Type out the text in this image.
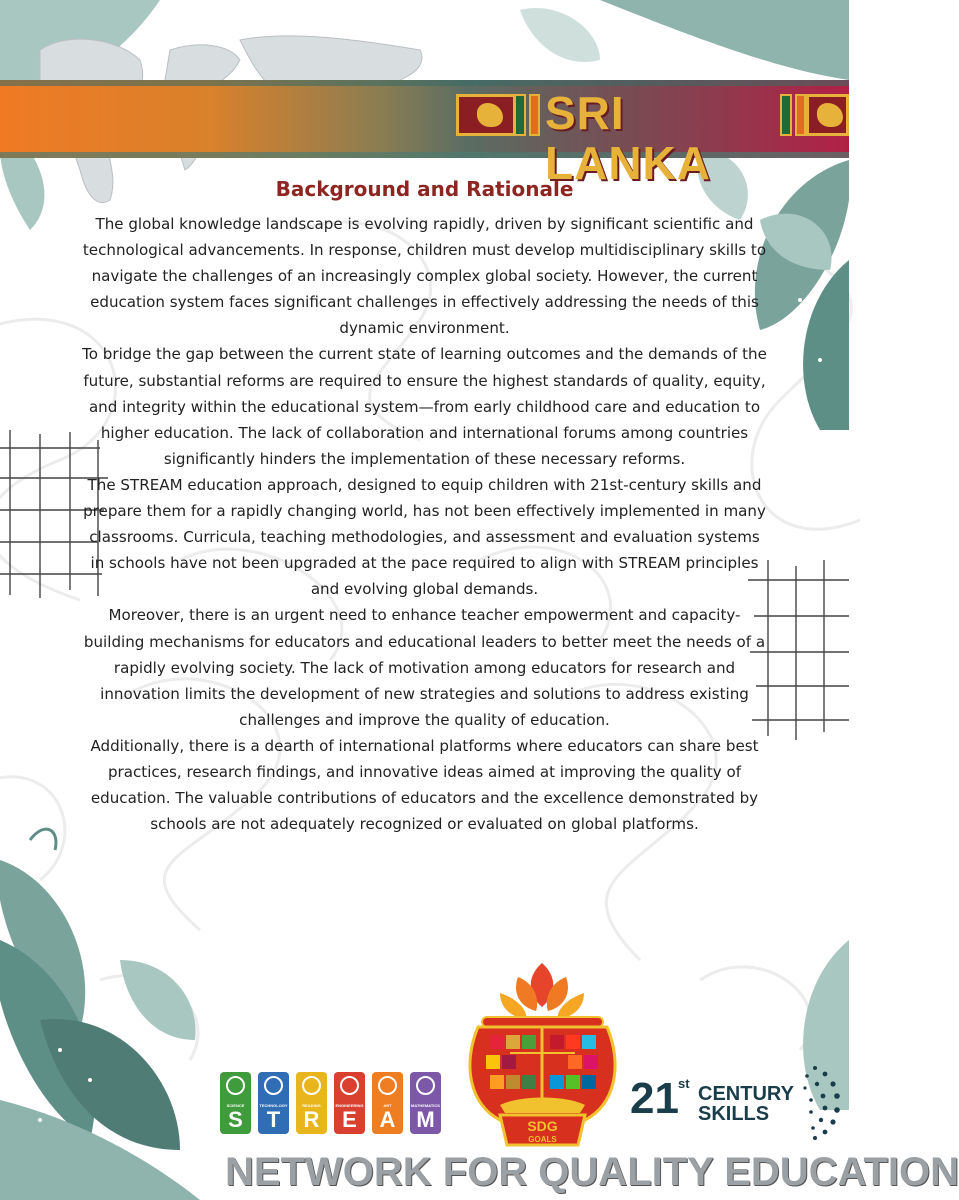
SRI LANKA
Background and Rationale

The global knowledge landscape is evolving rapidly, driven by significant scientific and technological advancements. In response, children must develop multidisciplinary skills to navigate the challenges of an increasingly complex global society. However, the current education system faces significant challenges in effectively addressing the needs of this dynamic environment.

To bridge the gap between the current state of learning outcomes and the demands of the future, substantial reforms are required to ensure the highest standards of quality, equity, and integrity within the educational system—from early childhood care and education to higher education. The lack of collaboration and international forums among countries significantly hinders the implementation of these necessary reforms.

The STREAM education approach, designed to equip children with 21st-century skills and prepare them for a rapidly changing world, has not been effectively implemented in many classrooms. Curricula, teaching methodologies, and assessment and evaluation systems in schools have not been upgraded at the pace required to align with STREAM principles and evolving global demands.

Moreover, there is an urgent need to enhance teacher empowerment and capacity-building mechanisms for educators and educational leaders to better meet the needs of a rapidly evolving society. The lack of motivation among educators for research and innovation limits the development of new strategies and solutions to address existing challenges and improve the quality of education.

Additionally, there is a dearth of international platforms where educators can share best practices, research findings, and innovative ideas aimed at improving the quality of education. The valuable contributions of educators and the excellence demonstrated by schools are not adequately recognized or evaluated on global platforms.

SCIENCE
S
TECHNOLOGY
T
READING
R
ENGINEERING
E
ART
A
MATHEMATICS
M	SDG
GOALS
21 st CENTURY
SKILLS
NETWORK FOR QUALITY EDUCATION
